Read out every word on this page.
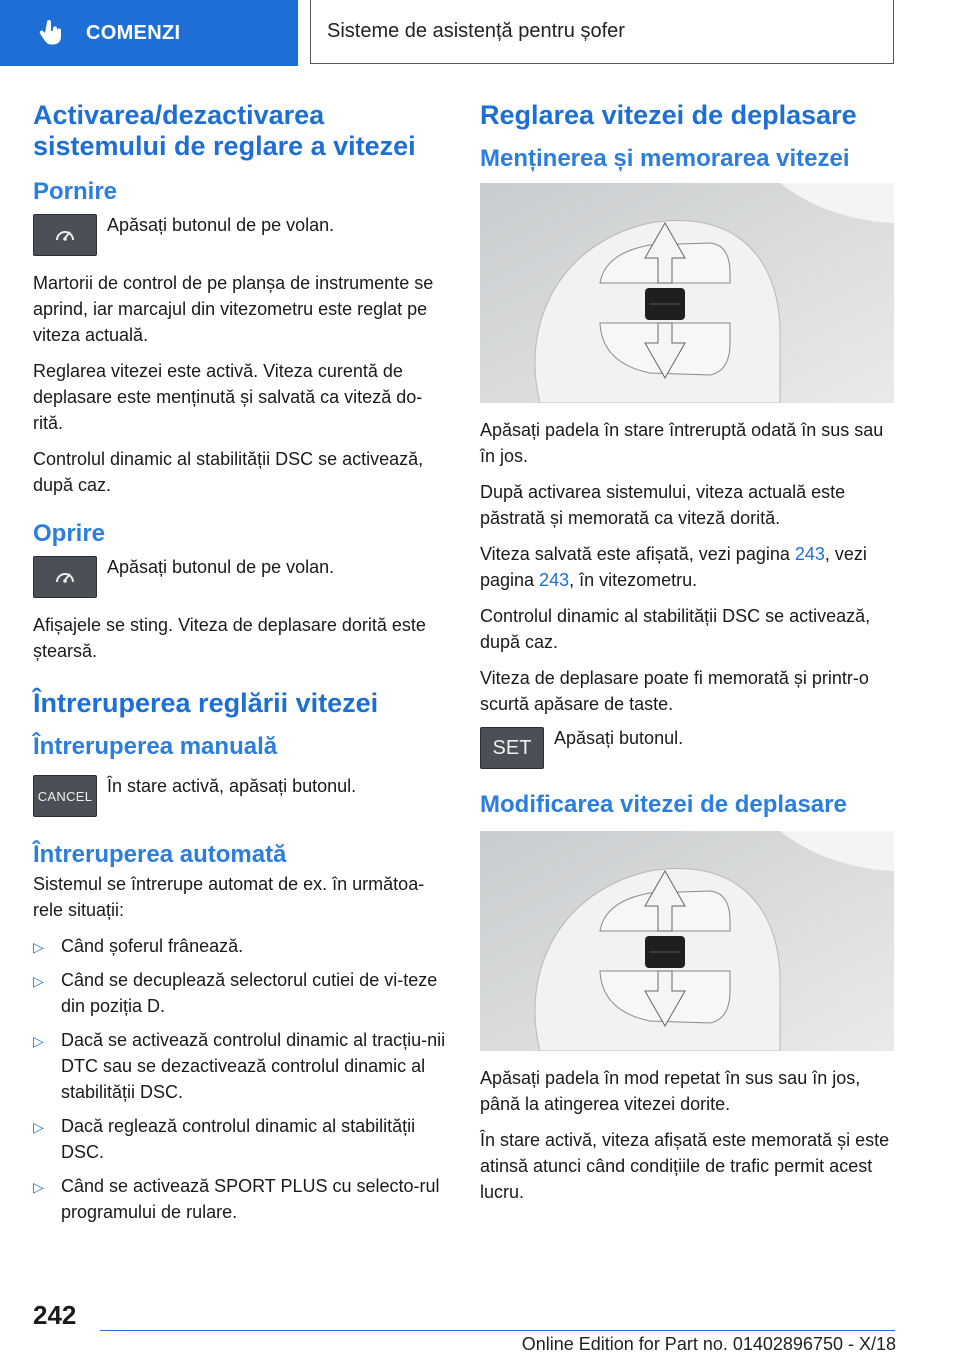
COMENZI	Sisteme de asistență pentru șofer
Activarea/dezactivarea sistemului de reglare a vitezei
Pornire
Apăsați butonul de pe volan.

Martorii de control de pe planșa de instrumente se aprind, iar marcajul din vitezometru este reglat pe viteza actuală.

Reglarea vitezei este activă. Viteza curentă de deplasare este menținută și salvată ca viteză do-rită.

Controlul dinamic al stabilității DSC se activează, după caz.

Oprire
Apăsați butonul de pe volan.

Afișajele se sting. Viteza de deplasare dorită este ștearsă.

Întreruperea reglării vitezei
Întreruperea manuală
CANCEL În stare activă, apăsați butonul.
Întreruperea automată

Sistemul se întrerupe automat de ex. în următoa-rele situații:

▷ Când șoferul frânează.
▷ Când se decuplează selectorul cutiei de vi-teze din poziția D.
▷ Dacă se activează controlul dinamic al tracțiu-nii DTC sau se dezactivează controlul dinamic al stabilității DSC.
▷ Dacă reglează controlul dinamic al stabilității DSC.
▷ Când se activează SPORT PLUS cu selecto-rul programului de rulare.
Reglarea vitezei de deplasare
Menținerea și memorarea vitezei

Apăsați padela în stare întreruptă odată în sus sau în jos.

După activarea sistemului, viteza actuală este păstrată și memorată ca viteză dorită.

Viteza salvată este afișată, vezi pagina 243, vezi pagina 243, în vitezometru.

Controlul dinamic al stabilității DSC se activează, după caz.

Viteza de deplasare poate fi memorată și printr-o scurtă apăsare de taste.

SET Apăsați butonul.
Modificarea vitezei de deplasare

Apăsați padela în mod repetat în sus sau în jos, până la atingerea vitezei dorite.

În stare activă, viteza afișată este memorată și este atinsă atunci când condițiile de trafic permit acest lucru.

242
Online Edition for Part no. 01402896750 - X/18
